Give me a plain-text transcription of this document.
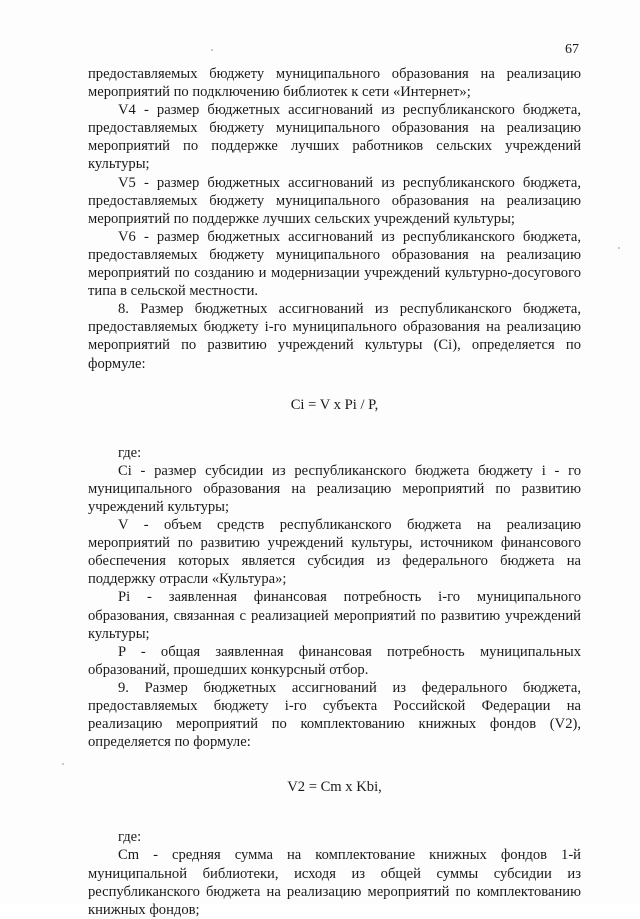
67

предоставляемых бюджету муниципального образования на реализацию мероприятий по подключению библиотек к сети «Интернет»;

V4 - размер бюджетных ассигнований из республиканского бюджета, предоставляемых бюджету муниципального образования на реализацию мероприятий по поддержке лучших работников сельских учреждений культуры;

V5 - размер бюджетных ассигнований из республиканского бюджета, предоставляемых бюджету муниципального образования на реализацию мероприятий по поддержке лучших сельских учреждений культуры;

V6 - размер бюджетных ассигнований из республиканского бюджета, предоставляемых бюджету муниципального образования на реализацию мероприятий по созданию и модернизации учреждений культурно-досугового типа в сельской местности.

8. Размер бюджетных ассигнований из республиканского бюджета, предоставляемых бюджету i-го муниципального образования на реализацию мероприятий по развитию учреждений культуры (Ci), определяется по формуле:

Ci = V x Pi / P,

где:

Ci - размер субсидии из республиканского бюджета бюджету i - го муниципального образования на реализацию мероприятий по развитию учреждений культуры;

V - объем средств республиканского бюджета на реализацию мероприятий по развитию учреждений культуры, источником финансового обеспечения которых является субсидия из федерального бюджета на поддержку отрасли «Культура»;

Pi - заявленная финансовая потребность i-го муниципального образования, связанная с реализацией мероприятий по развитию учреждений культуры;

P - общая заявленная финансовая потребность муниципальных образований, прошедших конкурсный отбор.

9. Размер бюджетных ассигнований из федерального бюджета, предоставляемых бюджету i-го субъекта Российской Федерации на реализацию мероприятий по комплектованию книжных фондов (V2), определяется по формуле:

V2 = Cm x Kbi,

где:

Cm - средняя сумма на комплектование книжных фондов 1-й муниципальной библиотеки, исходя из общей суммы субсидии из республиканского бюджета на реализацию мероприятий по комплектованию книжных фондов;
